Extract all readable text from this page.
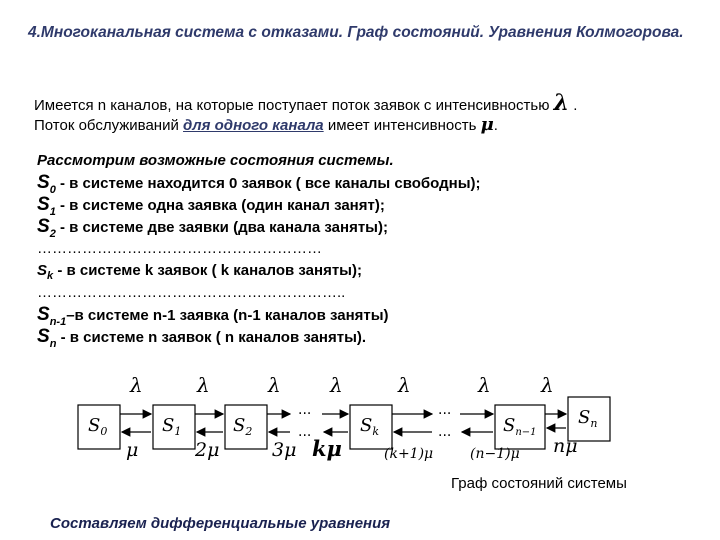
4.Многоканальная система с отказами. Граф состояний. Уравнения Колмогорова.
Имеется n каналов, на которые поступает поток заявок с интенсивностью λ .
Поток обслуживаний для одного канала имеет интенсивность μ.
Рассмотрим возможные состояния системы.
$S_0$ - в системе находится 0 заявок ( все каналы свободны);
$S_1$ - в системе одна заявка (один канал занят);
$S_2$ - в системе две заявки (два канала заняты);
…………………………………………………
$S_k$ - в системе k заявок ( k каналов заняты);
……………………………………………………..
$S_{n-1}-в$ системе n-1 заявка (n-1 каналов заняты)
$S_n$ - в системе n заявок ( n каналов заняты).
$S_0$	$S_1$	$S_2$	$S_k$	$S_{n-1}$
$S_n$
...
...
...
...
λ	λ	λ λ	λ	λ	λ
μ	2μ	3μ kμ	(k+1)μ	(n−1)μ nμ
Граф состояний системы
Составляем дифференциальные уравнения
